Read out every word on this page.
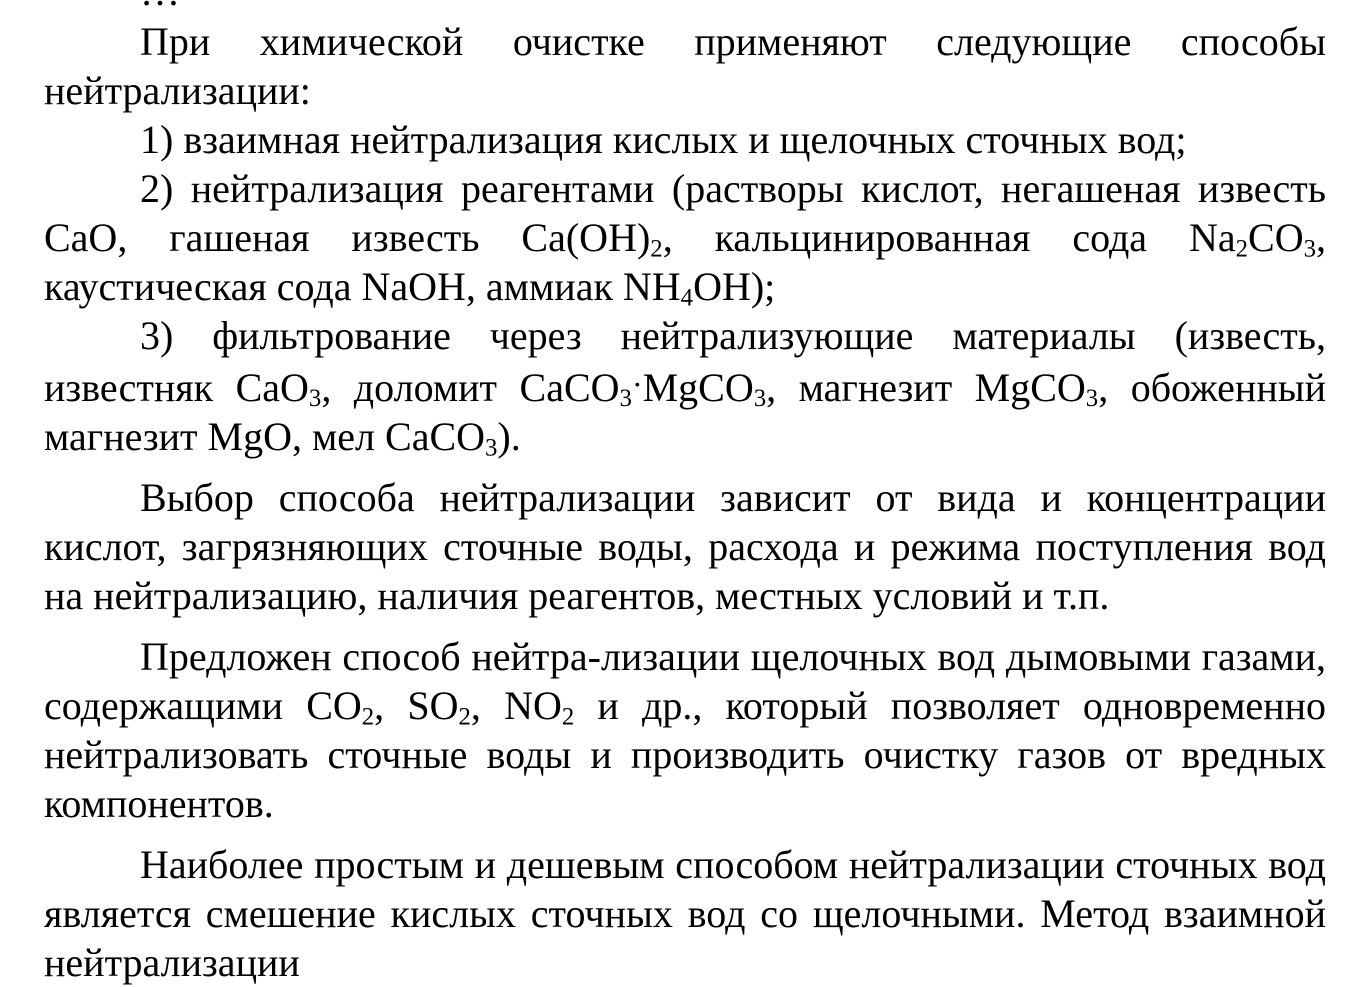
При химической очистке применяют следующие способы нейтрализации:

1) взаимная нейтрализация кислых и щелочных сточных вод;

2) нейтрализация реагентами (растворы кислот, негашеная известь CaO, гашеная известь $Ca(OH)_2$, кальцинированная сода $Na_2CO_3$, каустическая сода NaOH, аммиак $NH_4OH$);

3) фильтрование через нейтрализующие материалы (известь, известняк CaO$_3$, доломит CaCO$_3$·MgCO$_3$, магнезит MgCO$_3$, обоженный магнезит MgO, мел CaCO$_3$).

Выбор способа нейтрализации зависит от вида и концентрации кислот, загрязняющих сточные воды, расхода и режима поступления вод на нейтрализацию, наличия реагентов, местных условий и т.п.

Предложен способ нейтра-лизации щелочных вод дымовыми газами, содержащими $CO_2$, $SO_2$, $NO_2$ и др., который позволяет одновременно нейтрализовать сточные воды и производить очистку газов от вредных компонентов.

Наиболее простым и дешевым способом нейтрализации сточных вод является смешение кислых сточных вод со щелочными. Метод взаимной нейтрализации
